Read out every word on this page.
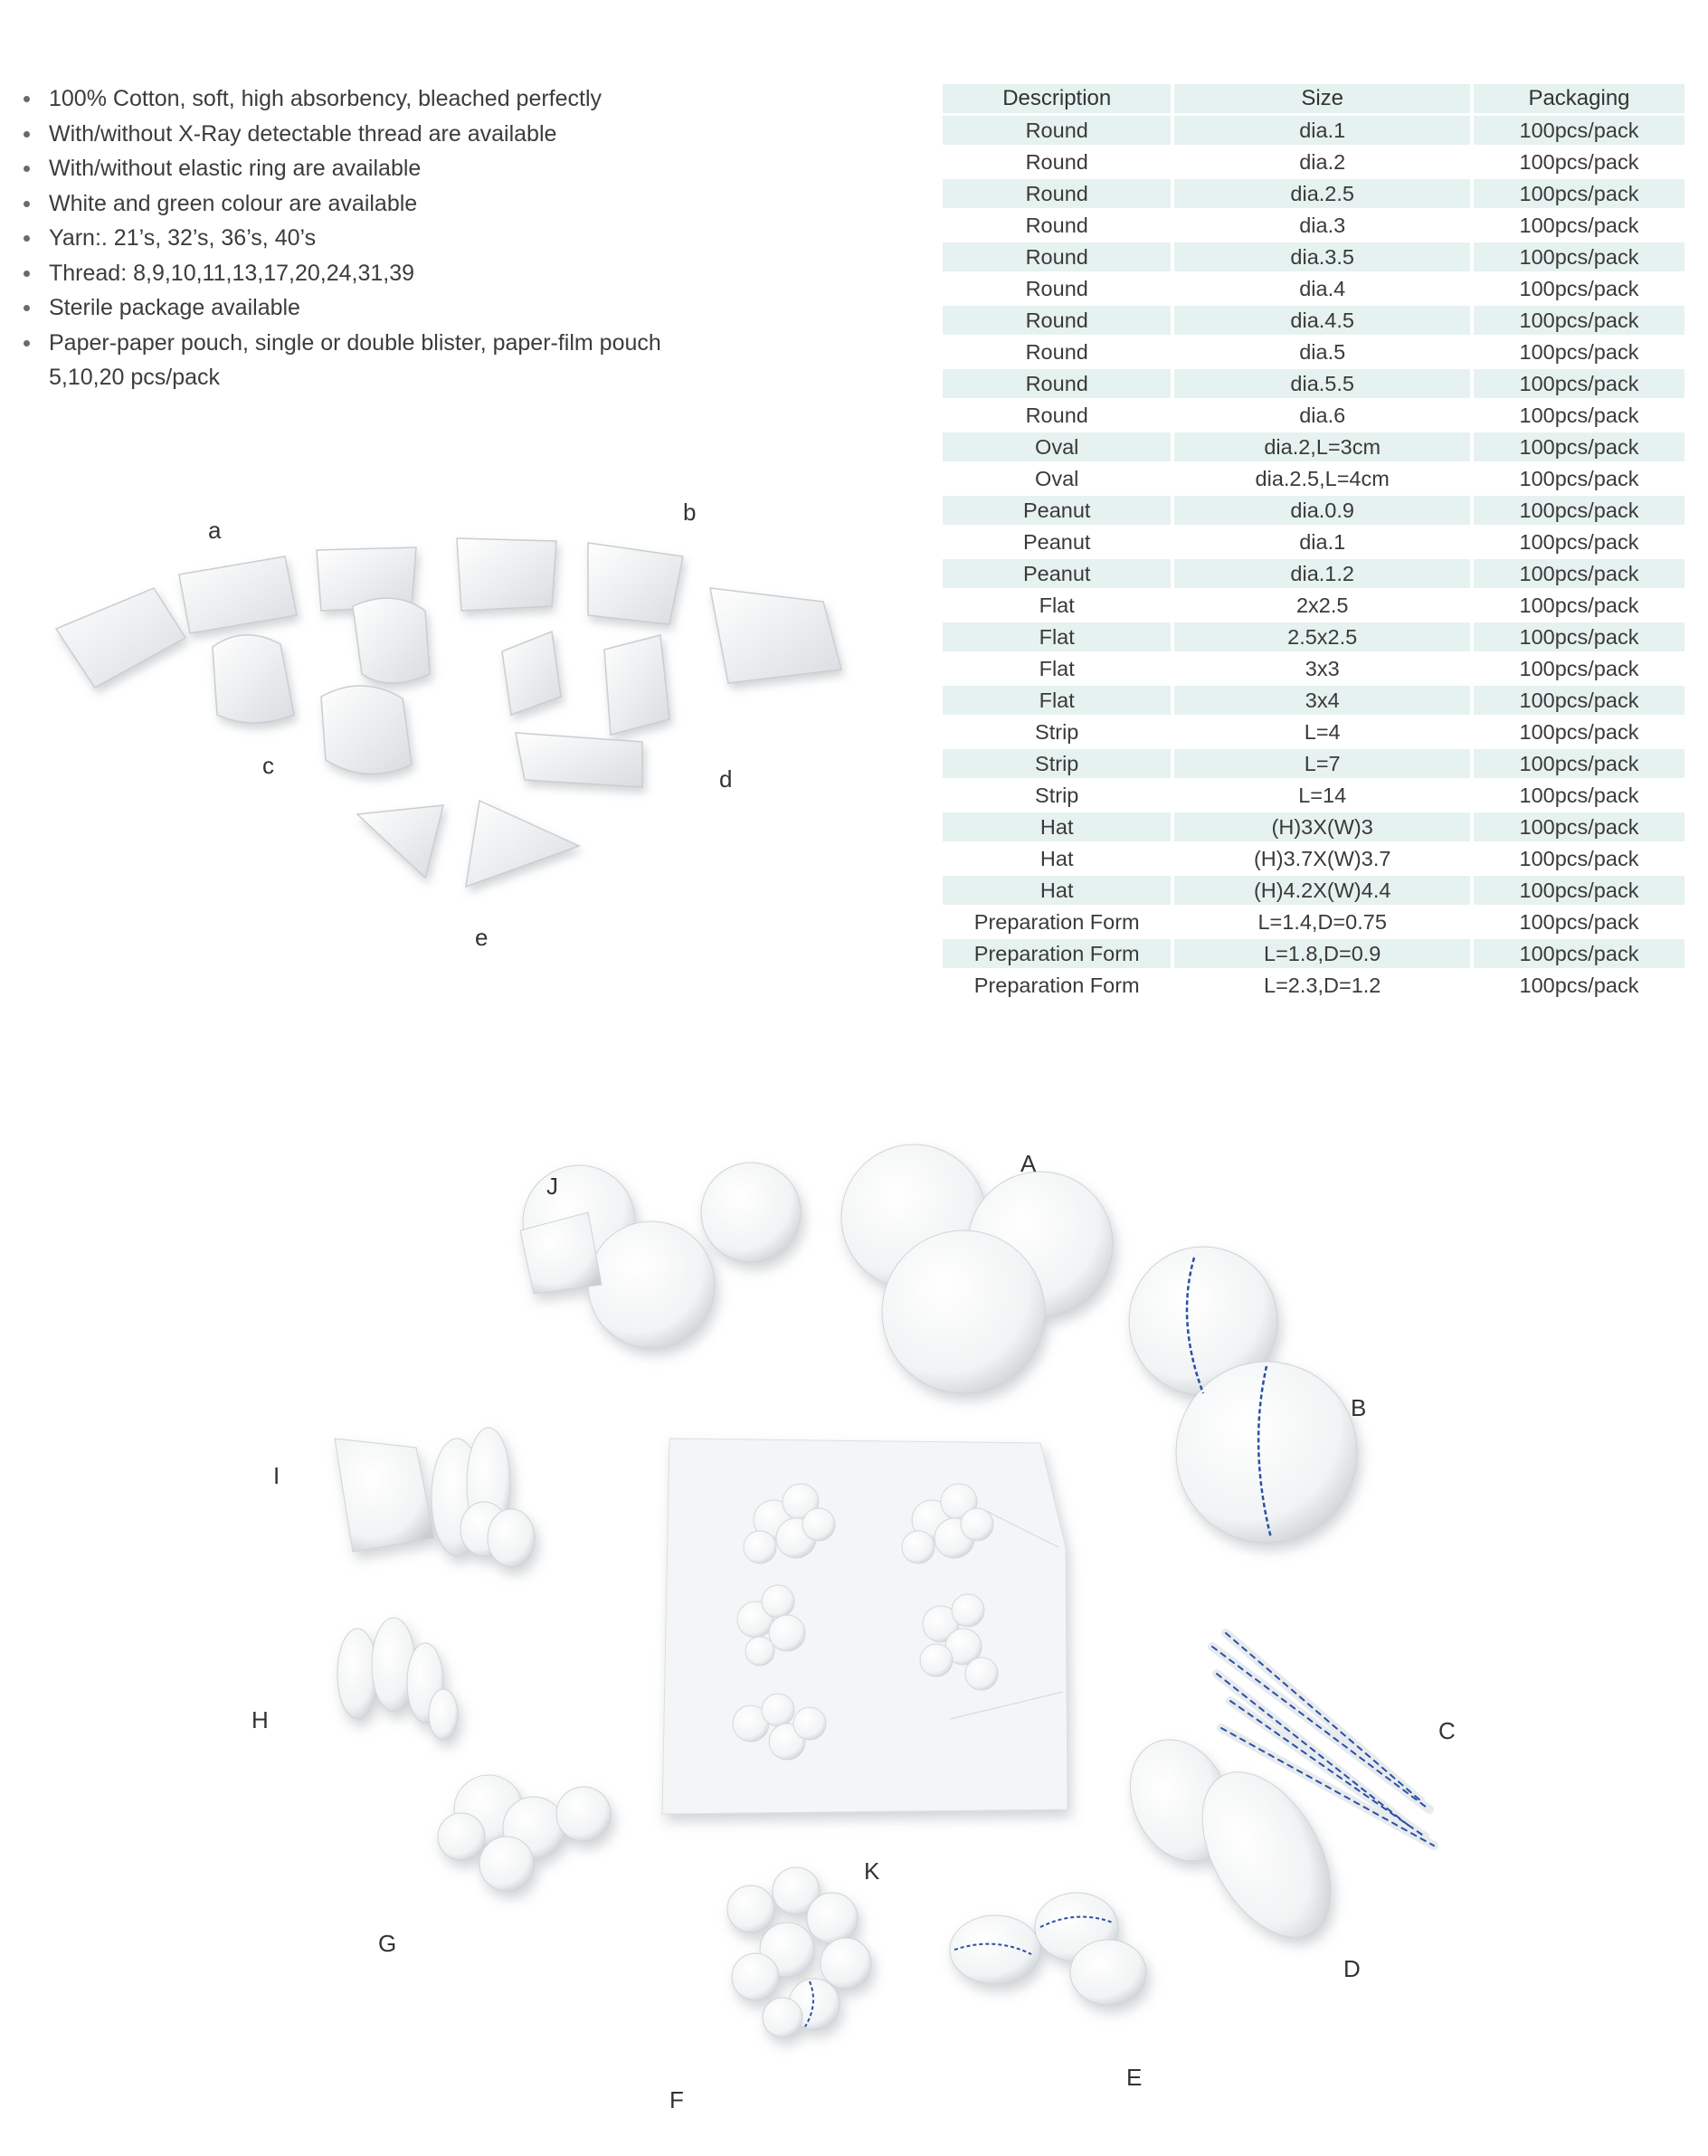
100% Cotton, soft, high absorbency, bleached perfectly
With/without X-Ray detectable thread are available
With/without elastic ring are available
White and green colour are available
Yarn:. 21’s, 32’s, 36’s, 40’s
Thread: 8,9,10,11,13,17,20,24,31,39
Sterile package available
Paper-paper pouch, single or double blister, paper-film pouch 5,10,20 pcs/pack
Description	Size	Packaging
Round	dia.1	100pcs/pack
Round	dia.2	100pcs/pack
Round	dia.2.5	100pcs/pack
Round	dia.3	100pcs/pack
Round	dia.3.5	100pcs/pack
Round	dia.4	100pcs/pack
Round	dia.4.5	100pcs/pack
Round	dia.5	100pcs/pack
Round	dia.5.5	100pcs/pack
Round	dia.6	100pcs/pack
Oval	dia.2,L=3cm	100pcs/pack
Oval	dia.2.5,L=4cm	100pcs/pack
Peanut	dia.0.9	100pcs/pack
Peanut	dia.1	100pcs/pack
Peanut	dia.1.2	100pcs/pack
Flat	2x2.5	100pcs/pack
Flat	2.5x2.5	100pcs/pack
Flat	3x3	100pcs/pack
Flat	3x4	100pcs/pack
Strip	L=4	100pcs/pack
Strip	L=7	100pcs/pack
Strip	L=14	100pcs/pack
Hat	(H)3X(W)3	100pcs/pack
Hat	(H)3.7X(W)3.7	100pcs/pack
Hat	(H)4.2X(W)4.4	100pcs/pack
Preparation Form	L=1.4,D=0.75	100pcs/pack
Preparation Form	L=1.8,D=0.9	100pcs/pack
Preparation Form	L=2.3,D=1.2	100pcs/pack
a
b
c	d
e
A
B
C
D
E
F
G
H
I
J
K
